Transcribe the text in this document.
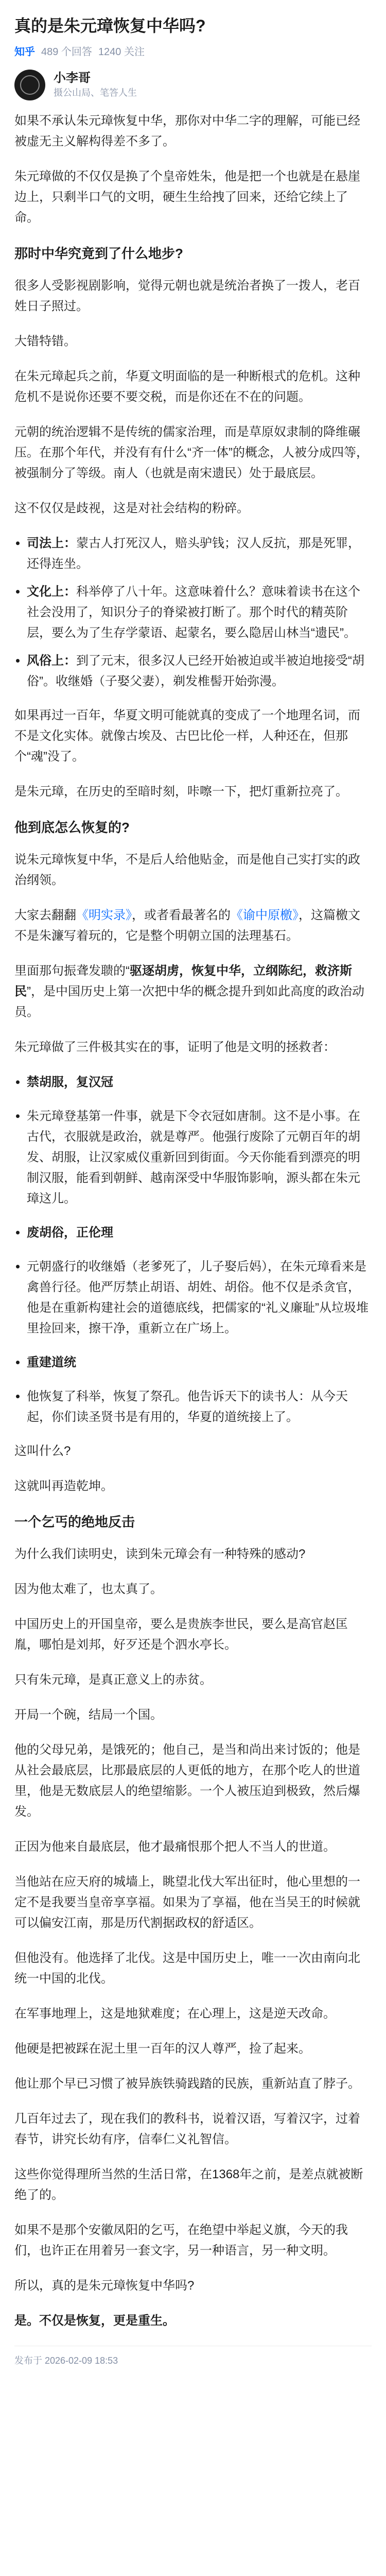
真的是朱元璋恢复中华吗?
知乎 489 个回答 1240 关注
小李哥
摄公山局、笔答人生

如果不承认朱元璋恢复中华，那你对中华二字的理解，可能已经被虚无主义解构得差不多了。

朱元璋做的不仅仅是换了个皇帝姓朱，他是把一个也就是在悬崖边上，只剩半口气的文明，硬生生给拽了回来，还给它续上了命。

那时中华究竟到了什么地步?

很多人受影视剧影响，觉得元朝也就是统治者换了一拨人，老百姓日子照过。

大错特错。

在朱元璋起兵之前，华夏文明面临的是一种断根式的危机。这种危机不是说你还要不要交税，而是你还在不在的问题。

元朝的统治逻辑不是传统的儒家治理，而是草原奴隶制的降维碾压。在那个年代，并没有有什么“齐一体”的概念，人被分成四等，被强制分了等级。南人（也就是南宋遗民）处于最底层。

这不仅仅是歧视，这是对社会结构的粉碎。

• 司法上：蒙古人打死汉人，赔头驴钱；汉人反抗，那是死罪，还得连坐。
• 文化上：科举停了八十年。这意味着什么？意味着读书在这个社会没用了，知识分子的脊梁被打断了。那个时代的精英阶层，要么为了生存学蒙语、起蒙名，要么隐居山林当“遗民”。
• 风俗上：到了元末，很多汉人已经开始被迫或半被迫地接受“胡俗”。收继婚（子娶父妻），剃发椎髻开始弥漫。

如果再过一百年，华夏文明可能就真的变成了一个地理名词，而不是文化实体。就像古埃及、古巴比伦一样，人种还在，但那个“魂”没了。

是朱元璋，在历史的至暗时刻，咔嚓一下，把灯重新拉亮了。

他到底怎么恢复的?

说朱元璋恢复中华，不是后人给他贴金，而是他自己实打实的政治纲领。

大家去翻翻《明实录》，或者看最著名的《谕中原檄》，这篇檄文不是朱濂写着玩的，它是整个明朝立国的法理基石。

里面那句振聋发聩的“驱逐胡虏，恢复中华，立纲陈纪，救济斯民”，是中国历史上第一次把中华的概念提升到如此高度的政治动员。

朱元璋做了三件极其实在的事，证明了他是文明的拯救者：

• 禁胡服，复汉冠
• 朱元璋登基第一件事，就是下令衣冠如唐制。这不是小事。在古代，衣服就是政治，就是尊严。他强行废除了元朝百年的胡发、胡服，让汉家威仪重新回到街面。今天你能看到漂亮的明制汉服，能看到朝鲜、越南深受中华服饰影响，源头都在朱元璋这儿。
• 废胡俗，正伦理
• 元朝盛行的收继婚（老爹死了，儿子娶后妈），在朱元璋看来是禽兽行径。他严厉禁止胡语、胡姓、胡俗。他不仅是杀贪官，他是在重新构建社会的道德底线，把儒家的“礼义廉耻”从垃圾堆里捡回来，擦干净，重新立在广场上。
• 重建道统
• 他恢复了科举，恢复了祭孔。他告诉天下的读书人：从今天起，你们读圣贤书是有用的，华夏的道统接上了。

这叫什么?

这就叫再造乾坤。

一个乞丐的绝地反击

为什么我们读明史，读到朱元璋会有一种特殊的感动?

因为他太难了，也太真了。

中国历史上的开国皇帝，要么是贵族李世民，要么是高官赵匡胤，哪怕是刘邦，好歹还是个泗水亭长。

只有朱元璋，是真正意义上的赤贫。

开局一个碗，结局一个国。

他的父母兄弟，是饿死的；他自己，是当和尚出来讨饭的；他是从社会最底层，比那最底层的人更低的地方，在那个吃人的世道里，他是无数底层人的绝望缩影。一个人被压迫到极致，然后爆发。

正因为他来自最底层，他才最痛恨那个把人不当人的世道。

当他站在应天府的城墙上，眺望北伐大军出征时，他心里想的一定不是我要当皇帝享享福。如果为了享福，他在当吴王的时候就可以偏安江南，那是历代割据政权的舒适区。

但他没有。他选择了北伐。这是中国历史上，唯一一次由南向北统一中国的北伐。

在军事地理上，这是地狱难度；在心理上，这是逆天改命。

他硬是把被踩在泥土里一百年的汉人尊严，捡了起来。

他让那个早已习惯了被异族铁骑践踏的民族，重新站直了脖子。

几百年过去了，现在我们的教科书，说着汉语，写着汉字，过着春节，讲究长幼有序，信奉仁义礼智信。

这些你觉得理所当然的生活日常，在1368年之前，是差点就被断绝了的。

如果不是那个安徽凤阳的乞丐，在绝望中举起义旗，今天的我们，也许正在用着另一套文字，另一种语言，另一种文明。

所以，真的是朱元璋恢复中华吗?

是。不仅是恢复，更是重生。

发布于 2026-02-09 18:53
